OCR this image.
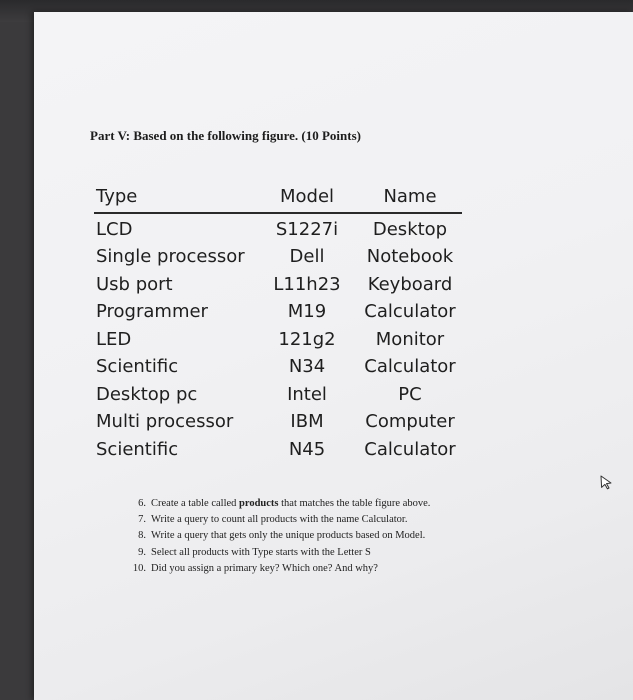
Part V: Based on the following figure. (10 Points)
Type	Model	Name
LCD	S1227i	Desktop
Single processor	Dell	Notebook
Usb port	L11h23	Keyboard
Programmer	M19	Calculator
LED	121g2	Monitor
Scientific	N34	Calculator
Desktop pc	Intel	PC
Multi processor	IBM	Computer
Scientific	N45	Calculator
6. Create a table called products that matches the table figure above.
7. Write a query to count all products with the name Calculator.
8. Write a query that gets only the unique products based on Model.
9. Select all products with Type starts with the Letter S
10. Did you assign a primary key? Which one? And why?
